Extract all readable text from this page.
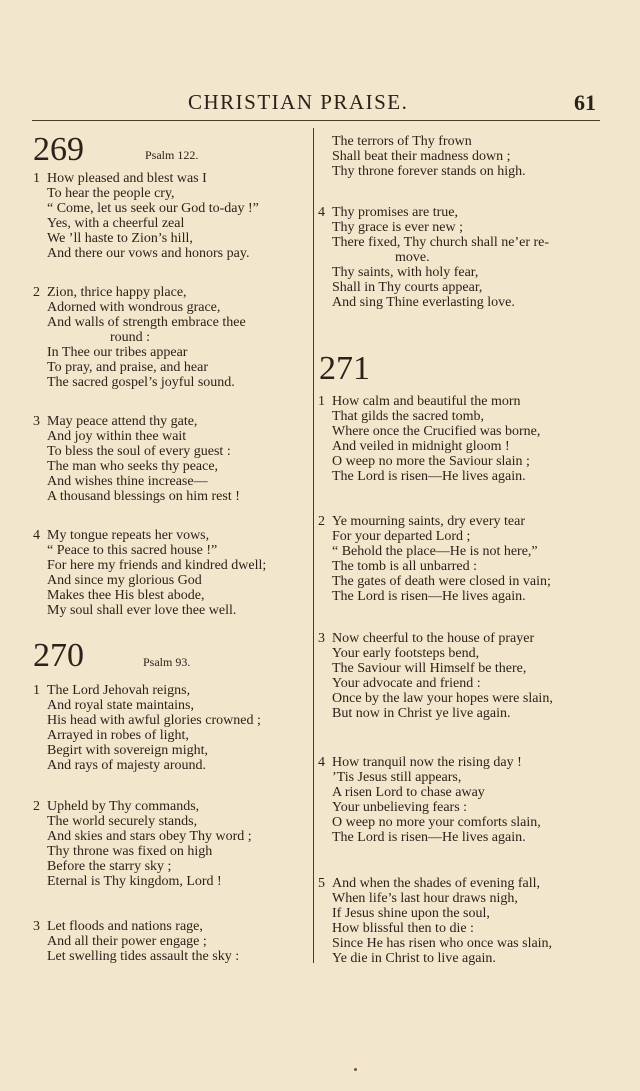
CHRISTIAN PRAISE.	61
269	Psalm 122.
1 How pleased and blest was I
To hear the people cry,
“ Come, let us seek our God to-day !”
Yes, with a cheerful zeal
We ’ll haste to Zion’s hill,
And there our vows and honors pay.
2 Zion, thrice happy place,
Adorned with wondrous grace,
And walls of strength embrace thee
round :
In Thee our tribes appear
To pray, and praise, and hear
The sacred gospel’s joyful sound.
3 May peace attend thy gate,
And joy within thee wait
To bless the soul of every guest :
The man who seeks thy peace,
And wishes thine increase—
A thousand blessings on him rest !
4 My tongue repeats her vows,
“ Peace to this sacred house !”
For here my friends and kindred dwell;
And since my glorious God
Makes thee His blest abode,
My soul shall ever love thee well.
270	Psalm 93.
1 The Lord Jehovah reigns,
And royal state maintains,
His head with awful glories crowned ;
Arrayed in robes of light,
Begirt with sovereign might,
And rays of majesty around.
2 Upheld by Thy commands,
The world securely stands,
And skies and stars obey Thy word ;
Thy throne was fixed on high
Before the starry sky ;
Eternal is Thy kingdom, Lord !
3 Let floods and nations rage,
And all their power engage ;
Let swelling tides assault the sky :
The terrors of Thy frown
Shall beat their madness down ;
Thy throne forever stands on high.
4 Thy promises are true,
Thy grace is ever new ;
There fixed, Thy church shall ne’er re-
move.
Thy saints, with holy fear,
Shall in Thy courts appear,
And sing Thine everlasting love.
271
1 How calm and beautiful the morn
That gilds the sacred tomb,
Where once the Crucified was borne,
And veiled in midnight gloom !
O weep no more the Saviour slain ;
The Lord is risen—He lives again.
2 Ye mourning saints, dry every tear
For your departed Lord ;
“ Behold the place—He is not here,”
The tomb is all unbarred :
The gates of death were closed in vain;
The Lord is risen—He lives again.
3 Now cheerful to the house of prayer
Your early footsteps bend,
The Saviour will Himself be there,
Your advocate and friend :
Once by the law your hopes were slain,
But now in Christ ye live again.
4 How tranquil now the rising day !
’Tis Jesus still appears,
A risen Lord to chase away
Your unbelieving fears :
O weep no more your comforts slain,
The Lord is risen—He lives again.
5 And when the shades of evening fall,
When life’s last hour draws nigh,
If Jesus shine upon the soul,
How blissful then to die :
Since He has risen who once was slain,
Ye die in Christ to live again.
